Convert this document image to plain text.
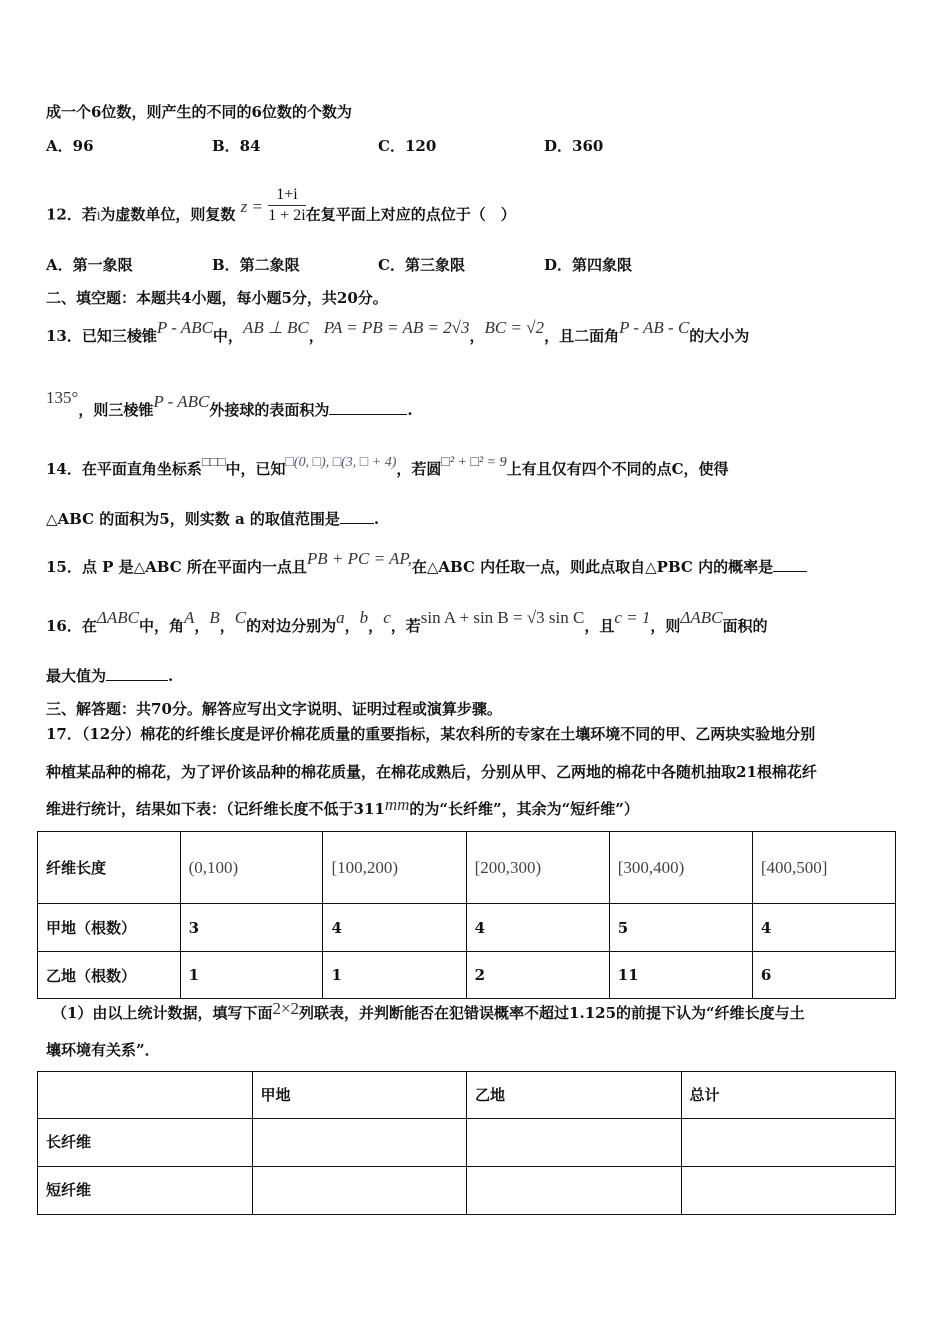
成一个6位数，则产生的不同的6位数的个数为
A．96	B．84	C．120	D．360
12．若i为虚数单位，则复数 $z = \frac{1+i}{1 + 2i}$ 在复平面上对应的点位于（　）
A．第一象限	B．第二象限	C．第三象限	D．第四象限
二、填空题：本题共4小题，每小题5分，共20分。
13．已知三棱锥P - ABC中，AB ⊥ BC，PA = PB = AB = 2√3，BC = √2，且二面角P - AB - C的大小为
135°，则三棱锥P - ABC外接球的表面积为	.
14．在平面直角坐标系□□□中，已知□(0, □), □(3, □ + 4)，若圆□² + □² = 9上有且仅有四个不同的点C，使得
△ABC 的面积为5，则实数 a 的取值范围是 .
15．点 P 是△ABC 所在平面内一点且PB + PC = AP,在△ABC 内任取一点，则此点取自△PBC 内的概率是
16．在ΔABC中，角A，B，C的对边分别为a，b，c，若sin A + sin B = √3 sin C，且c = 1，则ΔABC面积的
最大值为	.
三、解答题：共70分。解答应写出文字说明、证明过程或演算步骤。
17．（12分）棉花的纤维长度是评价棉花质量的重要指标，某农科所的专家在土壤环境不同的甲、乙两块实验地分别
种植某品种的棉花，为了评价该品种的棉花质量，在棉花成熟后，分别从甲、乙两地的棉花中各随机抽取21根棉花纤
维进行统计，结果如下表：（记纤维长度不低于311mm的为“长纤维”，其余为“短纤维”）
纤维长度	(0,100)	[100,200)	[200,300)	[300,400)	[400,500]
甲地（根数）	3	4	4	5	4
乙地（根数）	1	1	2	11	6
（1）由以上统计数据，填写下面2×2列联表，并判断能否在犯错误概率不超过1.125的前提下认为“纤维长度与土
壤环境有关系”．
	甲地	乙地	总计
长纤维			
短纤维			
